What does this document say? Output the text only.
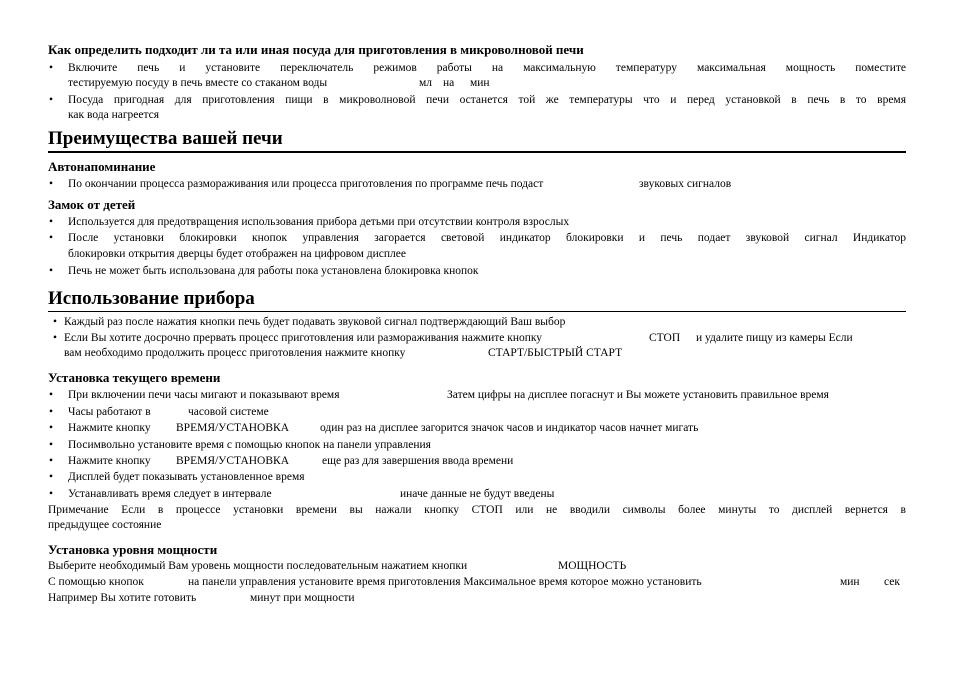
Как определить подходит ли та или иная посуда для приготовления в микроволновой печи
• Включите печь и установите переключатель режимов работы на максимальную температуру максимальная мощность поместите
тестируемую посуду в печь вместе со стаканом воды	мл на мин
• Посуда пригодная для приготовления пищи в микроволновой печи останется той же температуры что и перед установкой в печь в то время
как вода нагреется
Преимущества вашей печи
Автонапоминание
• По окончании процесса размораживания или процесса приготовления по программе печь подаст	звуковых сигналов
Замок от детей
• Используется для предотвращения использования прибора детьми при отсутствии контроля взрослых
• После установки блокировки кнопок управления загорается световой индикатор блокировки и печь подает звуковой сигнал Индикатор
блокировки открытия дверцы будет отображен на цифровом дисплее
• Печь не может быть использована для работы пока установлена блокировка кнопок
Использование прибора
• Каждый раз после нажатия кнопки печь будет подавать звуковой сигнал подтверждающий Ваш выбор
• Если Вы хотите досрочно прервать процесс приготовления или размораживания нажмите кнопку	СТОП и удалите пищу из камеры Если
вам необходимо продолжить процесс приготовления нажмите кнопку	СТАРТ/БЫСТРЫЙ СТАРТ
Установка текущего времени
• При включении печи часы мигают и показывают время	Затем цифры на дисплее погаснут и Вы можете установить правильное время
• Часы работают в	часовой системе
• Нажмите кнопку ВРЕМЯ/УСТАНОВКА	один раз на дисплее загорится значок часов и индикатор часов начнет мигать
• Посимвольно установите время с помощью кнопок на панели управления
• Нажмите кнопку ВРЕМЯ/УСТАНОВКА	еще раз для завершения ввода времени
• Дисплей будет показывать установленное время
• Устанавливать время следует в интервале	иначе данные не будут введены
Примечание Если в процессе установки времени вы нажали кнопку СТОП или не вводили символы более минуты то дисплей вернется в
предыдущее состояние
Установка уровня мощности
Выберите необходимый Вам уровень мощности последовательным нажатием кнопки	МОЩНОСТЬ
С помощью кнопок	на панели управления установите время приготовления Максимальное время которое можно установить	мин сек
Например Вы хотите готовить	минут при мощности
